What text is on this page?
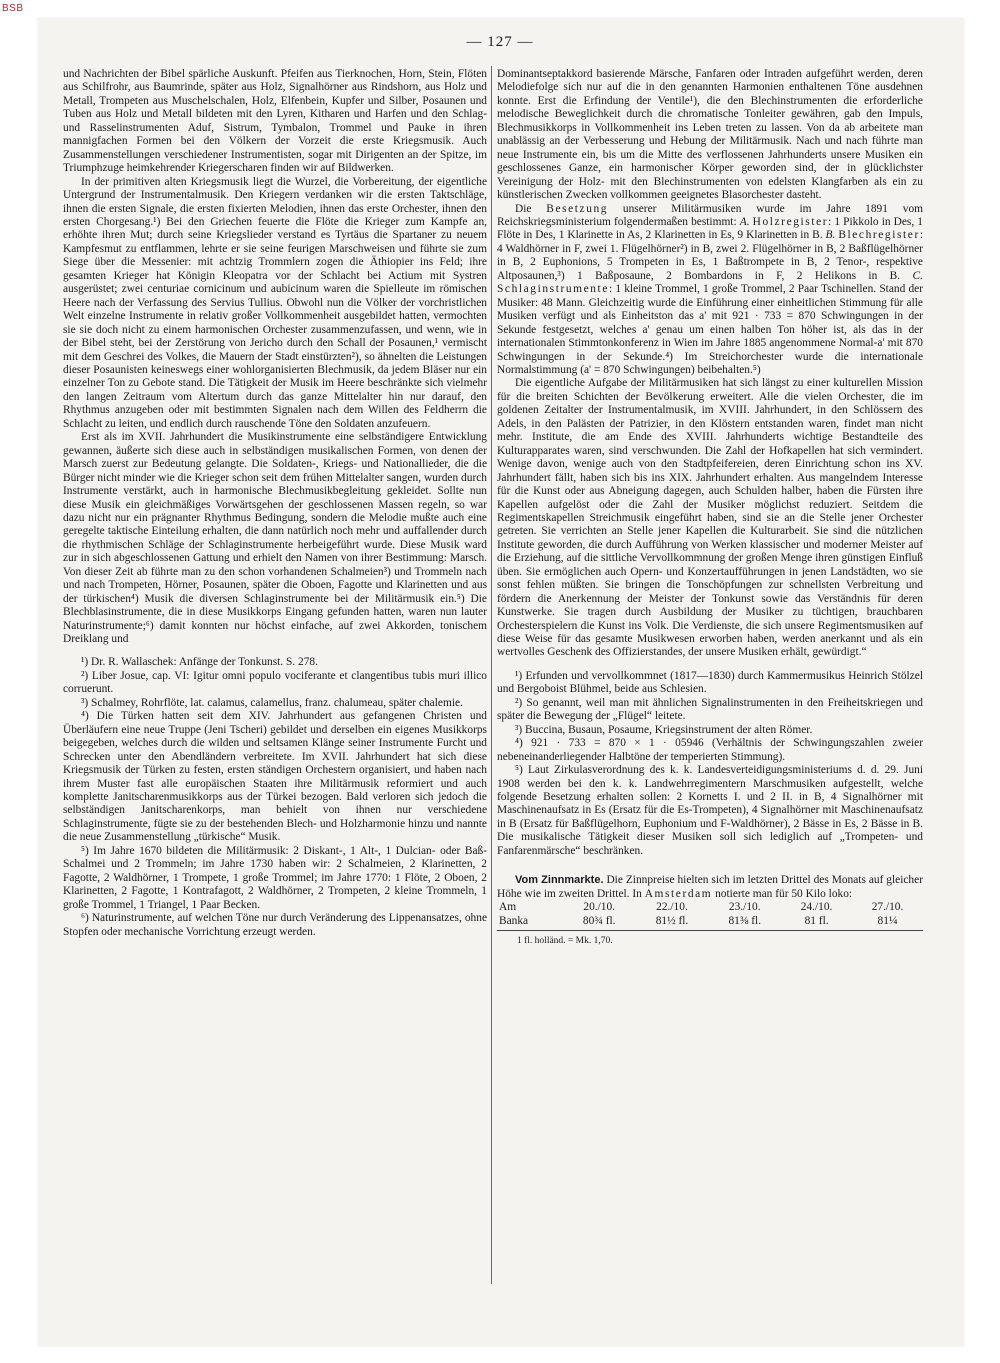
BSB
— 127 —

und Nachrichten der Bibel spärliche Auskunft. Pfeifen aus Tierknochen, Horn, Stein, Flöten aus Schilfrohr, aus Baumrinde, später aus Holz, Signalhörner aus Rindshorn, aus Holz und Metall, Trompeten aus Muschelschalen, Holz, Elfenbein, Kupfer und Silber, Posaunen und Tuben aus Holz und Metall bildeten mit den Lyren, Kitharen und Harfen und den Schlag- und Rasselinstrumenten Aduf, Sistrum, Tymbalon, Trommel und Pauke in ihren mannigfachen Formen bei den Völkern der Vorzeit die erste Kriegsmusik. Auch Zusammenstellungen verschiedener Instrumentisten, sogar mit Dirigenten an der Spitze, im Triumphzuge heimkehrender Kriegerscharen finden wir auf Bildwerken.

In der primitiven alten Kriegsmusik liegt die Wurzel, die Vorbereitung, der eigentliche Untergrund der Instrumentalmusik. Den Kriegern verdanken wir die ersten Taktschläge, ihnen die ersten Signale, die ersten fixierten Melodien, ihnen das erste Orchester, ihnen den ersten Chorgesang.¹) Bei den Griechen feuerte die Flöte die Krieger zum Kampfe an, erhöhte ihren Mut; durch seine Kriegslieder verstand es Tyrtäus die Spartaner zu neuem Kampfesmut zu entflammen, lehrte er sie seine feurigen Marschweisen und führte sie zum Siege über die Messenier: mit achtzig Trommlern zogen die Äthiopier ins Feld; ihre gesamten Krieger hat Königin Kleopatra vor der Schlacht bei Actium mit Systren ausgerüstet; zwei centuriae cornicinum und aubicinum waren die Spielleute im römischen Heere nach der Verfassung des Servius Tullius. Obwohl nun die Völker der vorchristlichen Welt einzelne Instrumente in relativ großer Vollkommenheit ausgebildet hatten, vermochten sie sie doch nicht zu einem harmonischen Orchester zusammenzufassen, und wenn, wie in der Bibel steht, bei der Zerstörung von Jericho durch den Schall der Posaunen,¹ vermischt mit dem Geschrei des Volkes, die Mauern der Stadt einstürzten²), so ähnelten die Leistungen dieser Posaunisten keineswegs einer wohlorganisierten Blechmusik, da jedem Bläser nur ein einzelner Ton zu Gebote stand. Die Tätigkeit der Musik im Heere beschränkte sich vielmehr den langen Zeitraum vom Altertum durch das ganze Mittelalter hin nur darauf, den Rhythmus anzugeben oder mit bestimmten Signalen nach dem Willen des Feldherrn die Schlacht zu leiten, und endlich durch rauschende Töne den Soldaten anzufeuern.

Erst als im XVII. Jahrhundert die Musikinstrumente eine selbständigere Entwicklung gewannen, äußerte sich diese auch in selbständigen musikalischen Formen, von denen der Marsch zuerst zur Bedeutung gelangte. Die Soldaten-, Kriegs- und Nationallieder, die die Bürger nicht minder wie die Krieger schon seit dem frühen Mittelalter sangen, wurden durch Instrumente verstärkt, auch in harmonische Blechmusikbegleitung gekleidet. Sollte nun diese Musik ein gleichmäßiges Vorwärtsgehen der geschlossenen Massen regeln, so war dazu nicht nur ein prägnanter Rhythmus Bedingung, sondern die Melodie mußte auch eine geregelte taktische Einteilung erhalten, die dann natürlich noch mehr und auffallender durch die rhythmischen Schläge der Schlaginstrumente herbeigeführt wurde. Diese Musik ward zur in sich abgeschlossenen Gattung und erhielt den Namen von ihrer Bestimmung: Marsch. Von dieser Zeit ab führte man zu den schon vorhandenen Schalmeien³) und Trommeln nach und nach Trompeten, Hörner, Posaunen, später die Oboen, Fagotte und Klarinetten und aus der türkischen⁴) Musik die diversen Schlaginstrumente bei der Militärmusik ein.⁵) Die Blechblasinstrumente, die in diese Musikkorps Eingang gefunden hatten, waren nun lauter Naturinstrumente;⁶) damit konnten nur höchst einfache, auf zwei Akkorden, tonischem Dreiklang und

¹) Dr. R. Wallaschek: Anfänge der Tonkunst. S. 278.

²) Liber Josue, cap. VI: Igitur omni populo vociferante et clangentibus tubis muri illico corruerunt.

³) Schalmey, Rohrflöte, lat. calamus, calamellus, franz. chalumeau, später chalemie.

⁴) Die Türken hatten seit dem XIV. Jahrhundert aus gefangenen Christen und Überläufern eine neue Truppe (Jeni Tscheri) gebildet und derselben ein eigenes Musikkorps beigegeben, welches durch die wilden und seltsamen Klänge seiner Instrumente Furcht und Schrecken unter den Abendländern verbreitete. Im XVII. Jahrhundert hat sich diese Kriegsmusik der Türken zu festen, ersten ständigen Orchestern organisiert, und haben nach ihrem Muster fast alle europäischen Staaten ihre Militärmusik reformiert und auch komplette Janitscharenmusikkorps aus der Türkei bezogen. Bald verloren sich jedoch die selbständigen Janitscharenkorps, man behielt von ihnen nur verschiedene Schlaginstrumente, fügte sie zu der bestehenden Blech- und Holzharmonie hinzu und nannte die neue Zusammenstellung „türkische“ Musik.

⁵) Im Jahre 1670 bildeten die Militärmusik: 2 Diskant-, 1 Alt-, 1 Dulcian- oder Baß-Schalmei und 2 Trommeln; im Jahre 1730 haben wir: 2 Schalmeien, 2 Klarinetten, 2 Fagotte, 2 Waldhörner, 1 Trompete, 1 große Trommel; im Jahre 1770: 1 Flöte, 2 Oboen, 2 Klarinetten, 2 Fagotte, 1 Kontrafagott, 2 Waldhörner, 2 Trompeten, 2 kleine Trommeln, 1 große Trommel, 1 Triangel, 1 Paar Becken.

⁶) Naturinstrumente, auf welchen Töne nur durch Veränderung des Lippenansatzes, ohne Stopfen oder mechanische Vorrichtung erzeugt werden.

Dominantseptakkord basierende Märsche, Fanfaren oder Intraden aufgeführt werden, deren Melodiefolge sich nur auf die in den genannten Harmonien enthaltenen Töne ausdehnen konnte. Erst die Erfindung der Ventile¹), die den Blechinstrumenten die erforderliche melodische Beweglichkeit durch die chromatische Tonleiter gewähren, gab den Impuls, Blechmusikkorps in Vollkommenheit ins Leben treten zu lassen. Von da ab arbeitete man unablässig an der Verbesserung und Hebung der Militärmusik. Nach und nach führte man neue Instrumente ein, bis um die Mitte des verflossenen Jahrhunderts unsere Musiken ein geschlossenes Ganze, ein harmonischer Körper geworden sind, der in glücklichster Vereinigung der Holz- mit den Blechinstrumenten von edelsten Klangfarben als ein zu künstlerischen Zwecken vollkommen geeignetes Blasorchester dasteht.

Die Besetzung unserer Militärmusiken wurde im Jahre 1891 vom Reichskriegsministerium folgendermaßen bestimmt: A. Holzregister: 1 Pikkolo in Des, 1 Flöte in Des, 1 Klarinette in As, 2 Klarinetten in Es, 9 Klarinetten in B. B. Blechregister: 4 Waldhörner in F, zwei 1. Flügelhörner²) in B, zwei 2. Flügelhörner in B, 2 Baßflügelhörner in B, 2 Euphonions, 5 Trompeten in Es, 1 Baßtrompete in B, 2 Tenor-, respektive Altposaunen,³) 1 Baßposaune, 2 Bombardons in F, 2 Helikons in B. C. Schlaginstrumente: 1 kleine Trommel, 1 große Trommel, 2 Paar Tschinellen. Stand der Musiker: 48 Mann. Gleichzeitig wurde die Einführung einer einheitlichen Stimmung für alle Musiken verfügt und als Einheitston das a' mit 921 · 733 = 870 Schwingungen in der Sekunde festgesetzt, welches a' genau um einen halben Ton höher ist, als das in der internationalen Stimmtonkonferenz in Wien im Jahre 1885 angenommene Normal-a' mit 870 Schwingungen in der Sekunde.⁴) Im Streichorchester wurde die internationale Normalstimmung (a' = 870 Schwingungen) beibehalten.⁵)

Die eigentliche Aufgabe der Militärmusiken hat sich längst zu einer kulturellen Mission für die breiten Schichten der Bevölkerung erweitert. Alle die vielen Orchester, die im goldenen Zeitalter der Instrumentalmusik, im XVIII. Jahrhundert, in den Schlössern des Adels, in den Palästen der Patrizier, in den Klöstern entstanden waren, findet man nicht mehr. Institute, die am Ende des XVIII. Jahrhunderts wichtige Bestandteile des Kulturapparates waren, sind verschwunden. Die Zahl der Hofkapellen hat sich vermindert. Wenige davon, wenige auch von den Stadtpfeifereien, deren Einrichtung schon ins XV. Jahrhundert fällt, haben sich bis ins XIX. Jahrhundert erhalten. Aus mangelndem Interesse für die Kunst oder aus Abneigung dagegen, auch Schulden halber, haben die Fürsten ihre Kapellen aufgelöst oder die Zahl der Musiker möglichst reduziert. Seitdem die Regimentskapellen Streichmusik eingeführt haben, sind sie an die Stelle jener Orchester getreten. Sie verrichten an Stelle jener Kapellen die Kulturarbeit. Sie sind die nützlichen Institute geworden, die durch Aufführung von Werken klassischer und moderner Meister auf die Erziehung, auf die sittliche Vervollkommnung der großen Menge ihren günstigen Einfluß üben. Sie ermöglichen auch Opern- und Konzertaufführungen in jenen Landstädten, wo sie sonst fehlen müßten. Sie bringen die Tonschöpfungen zur schnellsten Verbreitung und fördern die Anerkennung der Meister der Tonkunst sowie das Verständnis für deren Kunstwerke. Sie tragen durch Ausbildung der Musiker zu tüchtigen, brauchbaren Orchesterspielern die Kunst ins Volk. Die Verdienste, die sich unsere Regimentsmusiken auf diese Weise für das gesamte Musikwesen erworben haben, werden anerkannt und als ein wertvolles Geschenk des Offizierstandes, der unsere Musiken erhält, gewürdigt.“

¹) Erfunden und vervollkommnet (1817—1830) durch Kammermusikus Heinrich Stölzel und Bergoboist Blühmel, beide aus Schlesien.

²) So genannt, weil man mit ähnlichen Signalinstrumenten in den Freiheitskriegen und später die Bewegung der „Flügel“ leitete.

³) Buccina, Busaun, Posaume, Kriegsinstrument der alten Römer.

⁴) 921 · 733 = 870 × 1 · 05946 (Verhältnis der Schwingungszahlen zweier nebeneinanderliegender Halbtöne der temperierten Stimmung).

⁵) Laut Zirkulasverordnung des k. k. Landesverteidigungsministeriums d. d. 29. Juni 1908 werden bei den k. k. Landwehrregimentern Marschmusiken aufgestellt, welche folgende Besetzung erhalten sollen: 2 Kornetts I. und 2 II. in B, 4 Signalhörner mit Maschinenaufsatz in Es (Ersatz für die Es-Trompeten), 4 Signalhörner mit Maschinenaufsatz in B (Ersatz für Baßflügelhorn, Euphonium und F-Waldhörner), 2 Bässe in Es, 2 Bässe in B. Die musikalische Tätigkeit dieser Musiken soll sich lediglich auf „Trompeten- und Fanfarenmärsche“ beschränken.

Vom Zinnmarkte. Die Zinnpreise hielten sich im letzten Drittel des Monats auf gleicher Höhe wie im zweiten Drittel. In Amsterdam notierte man für 50 Kilo loko:

Am	20./10.	22./10.	23./10.	24./10.	27./10.
Banka	80¾ fl.	81½ fl.	81⅜ fl.	81 fl.	81¼
1 fl. holländ. = Mk. 1,70.
